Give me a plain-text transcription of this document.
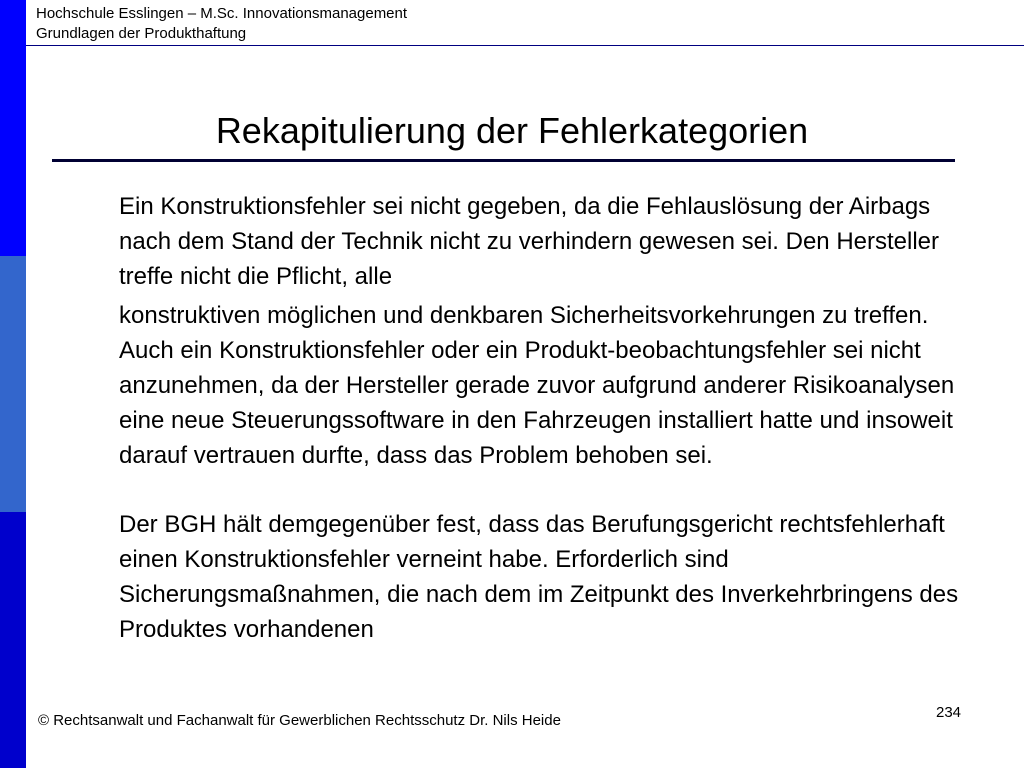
Hochschule Esslingen – M.Sc. Innovationsmanagement
Grundlagen der Produkthaftung
Rekapitulierung der Fehlerkategorien

Ein Konstruktionsfehler sei nicht gegeben, da die Fehlauslösung der Airbags nach dem Stand der Technik nicht zu verhindern gewesen sei. Den Hersteller treffe nicht die Pflicht, alle

konstruktiven möglichen und denkbaren Sicherheitsvorkehrungen zu treffen. Auch ein Konstruktionsfehler oder ein Produkt-beobachtungsfehler sei nicht anzunehmen, da der Hersteller gerade zuvor aufgrund anderer Risikoanalysen eine neue Steuerungssoftware in den Fahrzeugen installiert hatte und insoweit darauf vertrauen durfte, dass das Problem behoben sei.

Der BGH hält demgegenüber fest, dass das Berufungsgericht rechtsfehlerhaft einen Konstruktionsfehler verneint habe. Erforderlich sind Sicherungsmaßnahmen, die nach dem im Zeitpunkt des Inverkehrbringens des Produktes vorhandenen

© Rechtsanwalt und Fachanwalt für Gewerblichen Rechtsschutz Dr. Nils Heide	234
